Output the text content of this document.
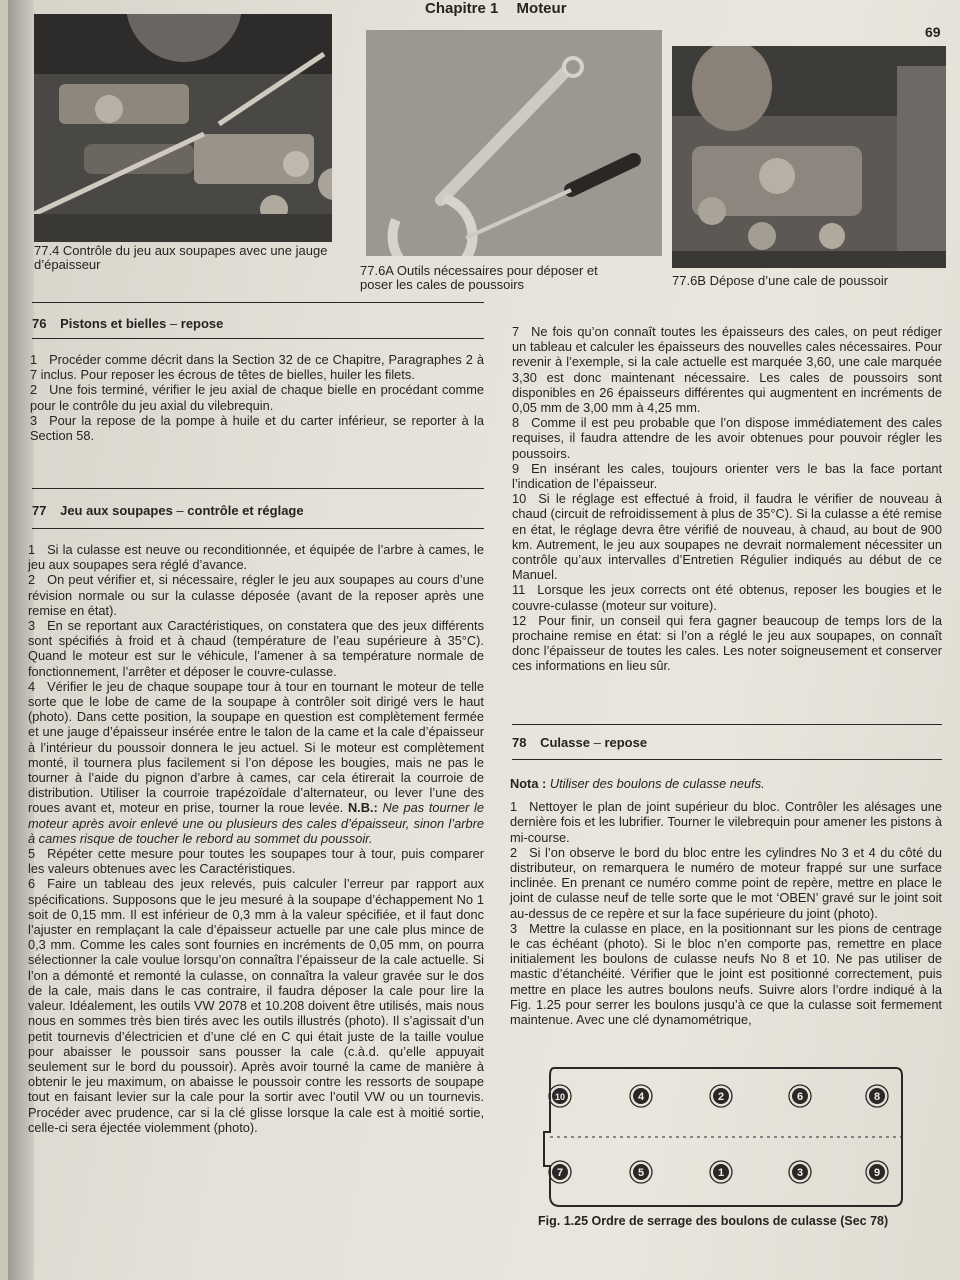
Chapitre 1 Moteur
69
77.4 Contrôle du jeu aux soupapes avec une jauge d’épaisseur	77.6A Outils nécessaires pour déposer et poser les cales de poussoirs	77.6B Dépose d’une cale de poussoir
76 Pistons et bielles – repose

1 Procéder comme décrit dans la Section 32 de ce Chapitre, Paragraphes 2 à 7 inclus. Pour reposer les écrous de têtes de bielles, huiler les filets.

2 Une fois terminé, vérifier le jeu axial de chaque bielle en procédant comme pour le contrôle du jeu axial du vilebrequin.

3 Pour la repose de la pompe à huile et du carter inférieur, se reporter à la Section 58.

77 Jeu aux soupapes – contrôle et réglage

1 Si la culasse est neuve ou reconditionnée, et équipée de l’arbre à cames, le jeu aux soupapes sera réglé d’avance.

2 On peut vérifier et, si nécessaire, régler le jeu aux soupapes au cours d’une révision normale ou sur la culasse déposée (avant de la reposer après une remise en état).

3 En se reportant aux Caractéristiques, on constatera que des jeux différents sont spécifiés à froid et à chaud (température de l’eau supérieure à 35°C). Quand le moteur est sur le véhicule, l’amener à sa température normale de fonctionnement, l’arrêter et déposer le couvre-culasse.

4 Vérifier le jeu de chaque soupape tour à tour en tournant le moteur de telle sorte que le lobe de came de la soupape à contrôler soit dirigé vers le haut (photo). Dans cette position, la soupape en question est complètement fermée et une jauge d’épaisseur insérée entre le talon de la came et la cale d’épaisseur à l’intérieur du poussoir donnera le jeu actuel. Si le moteur est complètement monté, il tournera plus facilement si l’on dépose les bougies, mais ne pas le tourner à l’aide du pignon d’arbre à cames, car cela étirerait la courroie de distribution. Utiliser la courroie trapézoïdale d’alternateur, ou lever l’une des roues avant et, moteur en prise, tourner la roue levée. N.B.: Ne pas tourner le moteur après avoir enlevé une ou plusieurs des cales d’épaisseur, sinon l’arbre à cames risque de toucher le rebord au sommet du poussoir.

5 Répéter cette mesure pour toutes les soupapes tour à tour, puis comparer les valeurs obtenues avec les Caractéristiques.

6 Faire un tableau des jeux relevés, puis calculer l’erreur par rapport aux spécifications. Supposons que le jeu mesuré à la soupape d’échappement No 1 soit de 0,15 mm. Il est inférieur de 0,3 mm à la valeur spécifiée, et il faut donc l’ajuster en remplaçant la cale d’épaisseur actuelle par une cale plus mince de 0,3 mm. Comme les cales sont fournies en incréments de 0,05 mm, on pourra sélectionner la cale voulue lorsqu’on connaîtra l’épaisseur de la cale actuelle. Si l’on a démonté et remonté la culasse, on connaîtra la valeur gravée sur le dos de la cale, mais dans le cas contraire, il faudra déposer la cale pour lire la valeur. Idéalement, les outils VW 2078 et 10.208 doivent être utilisés, mais nous nous en sommes très bien tirés avec les outils illustrés (photo). Il s’agissait d’un petit tournevis d’électricien et d’une clé en C qui était juste de la taille voulue pour abaisser le poussoir sans pousser la cale (c.à.d. qu’elle appuyait seulement sur le bord du poussoir). Après avoir tourné la came de manière à obtenir le jeu maximum, on abaisse le poussoir contre les ressorts de soupape tout en faisant levier sur la cale pour la sortir avec l’outil VW ou un tournevis. Procéder avec prudence, car si la clé glisse lorsque la cale est à moitié sortie, celle-ci sera éjectée violemment (photo).

7 Ne fois qu’on connaît toutes les épaisseurs des cales, on peut rédiger un tableau et calculer les épaisseurs des nouvelles cales nécessaires. Pour revenir à l’exemple, si la cale actuelle est marquée 3,60, une cale marquée 3,30 est donc maintenant nécessaire. Les cales de poussoirs sont disponibles en 26 épaisseurs différentes qui augmentent en incréments de 0,05 mm de 3,00 mm à 4,25 mm.

8 Comme il est peu probable que l’on dispose immédiatement des cales requises, il faudra attendre de les avoir obtenues pour pouvoir régler les poussoirs.

9 En insérant les cales, toujours orienter vers le bas la face portant l’indication de l’épaisseur.

10 Si le réglage est effectué à froid, il faudra le vérifier de nouveau à chaud (circuit de refroidissement à plus de 35°C). Si la culasse a été remise en état, le réglage devra être vérifié de nouveau, à chaud, au bout de 900 km. Autrement, le jeu aux soupapes ne devrait normalement nécessiter un contrôle qu’aux intervalles d’Entretien Régulier indiqués au début de ce Manuel.

11 Lorsque les jeux corrects ont été obtenus, reposer les bougies et le couvre-culasse (moteur sur voiture).

12 Pour finir, un conseil qui fera gagner beaucoup de temps lors de la prochaine remise en état: si l’on a réglé le jeu aux soupapes, on connaît donc l’épaisseur de toutes les cales. Les noter soigneusement et conserver ces informations en lieu sûr.

78 Culasse – repose

Nota : Utiliser des boulons de culasse neufs.

1 Nettoyer le plan de joint supérieur du bloc. Contrôler les alésages une dernière fois et les lubrifier. Tourner le vilebrequin pour amener les pistons à mi-course.

2 Si l’on observe le bord du bloc entre les cylindres No 3 et 4 du côté du distributeur, on remarquera le numéro de moteur frappé sur une surface inclinée. En prenant ce numéro comme point de repère, mettre en place le joint de culasse neuf de telle sorte que le mot ‘OBEN’ gravé sur le joint soit au-dessus de ce repère et sur la face supérieure du joint (photo).

3 Mettre la culasse en place, en la positionnant sur les pions de centrage le cas échéant (photo). Si le bloc n’en comporte pas, remettre en place initialement les boulons de culasse neufs No 8 et 10. Ne pas utiliser de mastic d’étanchéité. Vérifier que le joint est positionné correctement, puis mettre en place les autres boulons neufs. Suivre alors l’ordre indiqué à la Fig. 1.25 pour serrer les boulons jusqu’à ce que la culasse soit fermement maintenue. Avec une clé dynamométrique,

10	4	2	6	8
7	5	1	3	9
Fig. 1.25 Ordre de serrage des boulons de culasse (Sec 78)
